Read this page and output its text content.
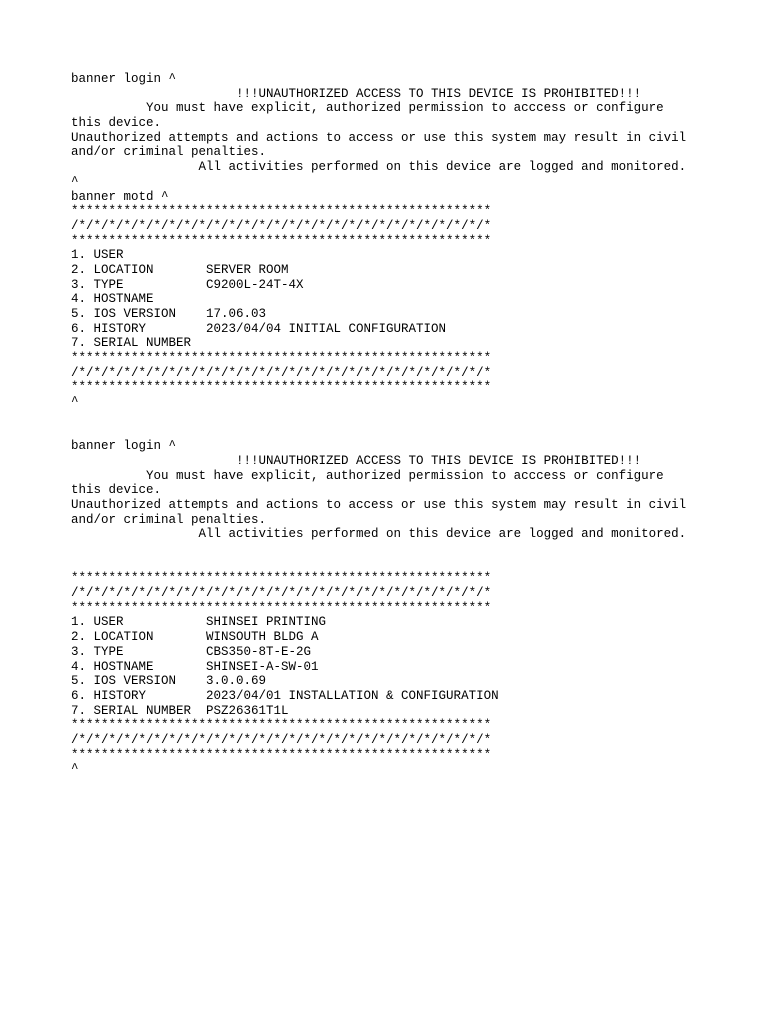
banner login ^
!!!UNAUTHORIZED ACCESS TO THIS DEVICE IS PROHIBITED!!!
You must have explicit, authorized permission to acccess or configure
this device.
Unauthorized attempts and actions to access or use this system may result in civil
and/or criminal penalties.
All activities performed on this device are logged and monitored.
^
banner motd ^
********************************************************
/*/*/*/*/*/*/*/*/*/*/*/*/*/*/*/*/*/*/*/*/*/*/*/*/*/*/*/*
********************************************************
1. USER
2. LOCATION       SERVER ROOM
3. TYPE           C9200L-24T-4X
4. HOSTNAME
5. IOS VERSION    17.06.03
6. HISTORY        2023/04/04 INITIAL CONFIGURATION
7. SERIAL NUMBER
********************************************************
/*/*/*/*/*/*/*/*/*/*/*/*/*/*/*/*/*/*/*/*/*/*/*/*/*/*/*/*
********************************************************
^
banner login ^
!!!UNAUTHORIZED ACCESS TO THIS DEVICE IS PROHIBITED!!!
You must have explicit, authorized permission to acccess or configure
this device.
Unauthorized attempts and actions to access or use this system may result in civil
and/or criminal penalties.
All activities performed on this device are logged and monitored.
********************************************************
/*/*/*/*/*/*/*/*/*/*/*/*/*/*/*/*/*/*/*/*/*/*/*/*/*/*/*/*
********************************************************
1. USER           SHINSEI PRINTING
2. LOCATION       WINSOUTH BLDG A
3. TYPE           CBS350-8T-E-2G
4. HOSTNAME       SHINSEI-A-SW-01
5. IOS VERSION    3.0.0.69
6. HISTORY        2023/04/01 INSTALLATION & CONFIGURATION
7. SERIAL NUMBER  PSZ26361T1L
********************************************************
/*/*/*/*/*/*/*/*/*/*/*/*/*/*/*/*/*/*/*/*/*/*/*/*/*/*/*/*
********************************************************
^
